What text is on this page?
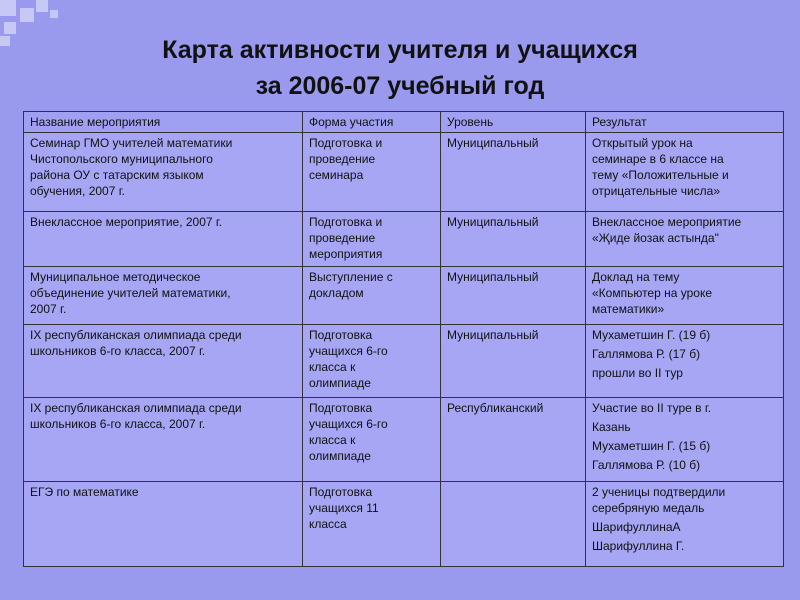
Карта активности учителя и учащихся
за 2006-07 учебный год
Название мероприятия	Форма участия	Уровень	Результат

Семинар ГМО учителей математики
Чистопольского муниципального
района ОУ с татарским языком
обучения, 2007 г.	Подготовка и
проведение
семинара	Муниципальный	Открытый урок на
семинаре в 6 классе на
тему «Положительные и
отрицательные числа»

Внеклассное мероприятие, 2007 г.	Подготовка и
проведение
мероприятия	Муниципальный	Внеклассное мероприятие
«Җиде йозак астында"

Муниципальное методическое
объединение учителей математики,
2007 г.	Выступление с
докладом	Муниципальный	Доклад на тему
«Компьютер на уроке
математики»

IX республиканская олимпиада среди
школьников 6-го класса, 2007 г.	Подготовка
учащихся 6-го
класса к
олимпиаде	Муниципальный	Мухаметшин Г. (19 б)
Галлямова Р. (17 б)
прошли во II тур

IX республиканская олимпиада среди
школьников 6-го класса, 2007 г.	Подготовка
учащихся 6-го
класса к
олимпиаде	Республиканский	Участие во II туре в г.
Казань
Мухаметшин Г. (15 б)
Галлямова Р. (10 б)

ЕГЭ по математике	Подготовка
учащихся 11
класса		2 ученицы подтвердили
серебряную медаль
ШарифуллинаА
Шарифуллина Г.
